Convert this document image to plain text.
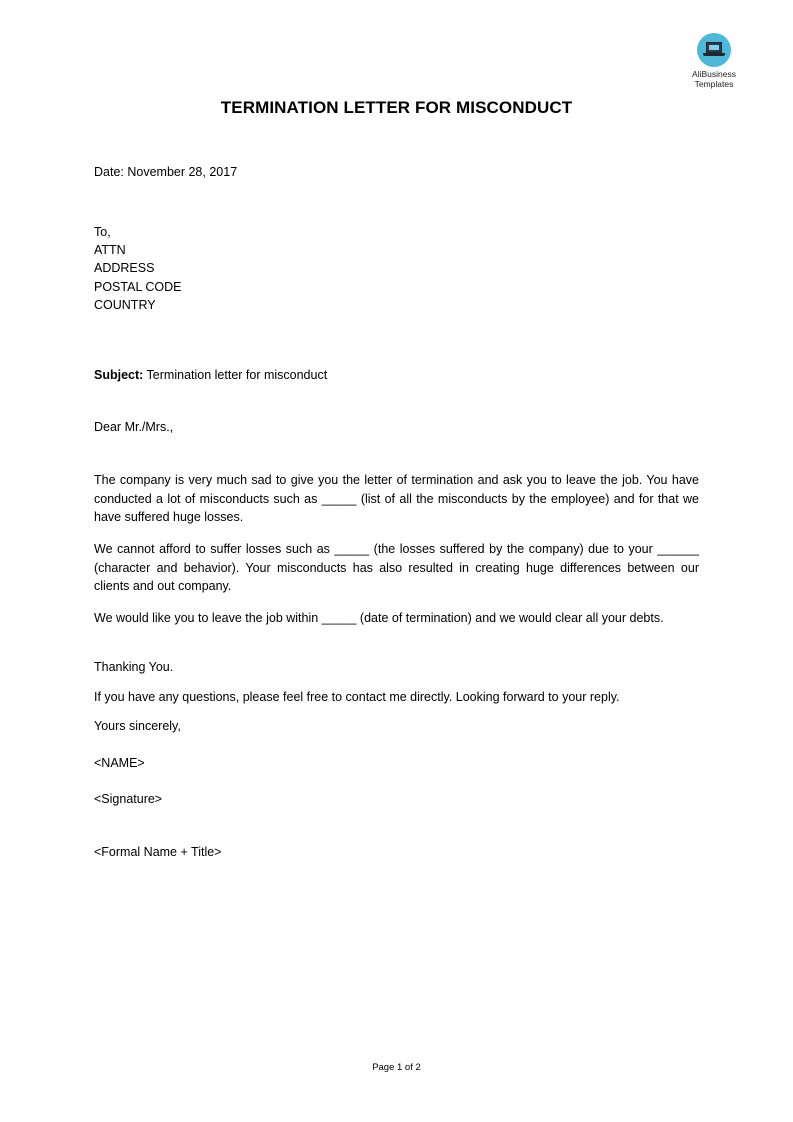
AliBusiness
Templates
TERMINATION LETTER FOR MISCONDUCT
Date: November 28, 2017
To,
ATTN
ADDRESS
POSTAL CODE
COUNTRY
Subject: Termination letter for misconduct
Dear Mr./Mrs.,
The company is very much sad to give you the letter of termination and ask you to leave the job. You have conducted a lot of misconducts such as _____ (list of all the misconducts by the employee) and for that we have suffered huge losses.
We cannot afford to suffer losses such as _____ (the losses suffered by the company) due to your ______ (character and behavior). Your misconducts has also resulted in creating huge differences between our clients and out company.
We would like you to leave the job within _____ (date of termination) and we would clear all your debts.
Thanking You.
If you have any questions, please feel free to contact me directly. Looking forward to your reply.
Yours sincerely,
<NAME>
<Signature>
<Formal Name + Title>
Page 1 of 2
